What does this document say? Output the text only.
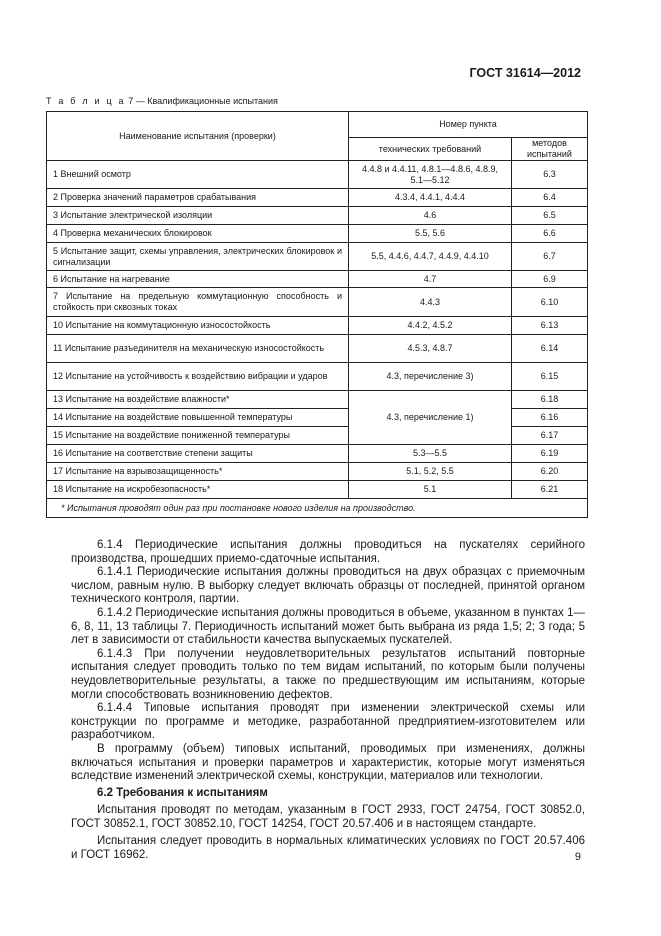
ГОСТ 31614—2012
Т а б л и ц а 7 — Квалификационные испытания
Наименование испытания (проверки)	Номер пункта	
	технических требований	методов испытаний
1 Внешний осмотр	4.4.8 и 4.4.11, 4.8.1—4.8.6, 4.8.9, 5.1—5.12	6.3
2 Проверка значений параметров срабатывания	4.3.4, 4.4.1, 4.4.4	6.4
3 Испытание электрической изоляции	4.6	6.5
4 Проверка механических блокировок	5.5, 5.6	6.6
5 Испытание защит, схемы управления, электрических блокировок и сигнализации	5.5, 4.4.6, 4.4.7, 4.4.9, 4.4.10	6.7
6 Испытание на нагревание	4.7	6.9
7 Испытание на предельную коммутационную способность и стойкость при сквозных токах	4.4.3	6.10
10 Испытание на коммутационную износостойкость	4.4.2, 4.5.2	6.13
11 Испытание разъединителя на механическую износостойкость	4.5.3, 4.8.7	6.14
12 Испытание на устойчивость к воздействию вибрации и ударов	4.3, перечисление 3)	6.15
13 Испытание на воздействие влажности*	4.3, перечисление 1)	6.18
14 Испытание на воздействие повышенной температуры		6.16
15 Испытание на воздействие пониженной температуры		6.17
16 Испытание на соответствие степени защиты	5.3—5.5	6.19
17 Испытание на взрывозащищенность*	5.1, 5.2, 5.5	6.20
18 Испытание на искробезопасность*	5.1	6.21
* Испытания проводят один раз при постановке нового изделия на производство.		

6.1.4 Периодические испытания должны проводиться на пускателях серийного производства, прошедших приемо-сдаточные испытания.

6.1.4.1 Периодические испытания должны проводиться на двух образцах с приемочным числом, равным нулю. В выборку следует включать образцы от последней, принятой органом технического контроля, партии.

6.1.4.2 Периодические испытания должны проводиться в объеме, указанном в пунктах 1—6, 8, 11, 13 таблицы 7. Периодичность испытаний может быть выбрана из ряда 1,5; 2; 3 года; 5 лет в зависимости от стабильности качества выпускаемых пускателей.

6.1.4.3 При получении неудовлетворительных результатов испытаний повторные испытания следует проводить только по тем видам испытаний, по которым были получены неудовлетворительные результаты, а также по предшествующим им испытаниям, которые могли способствовать возникновению дефектов.

6.1.4.4 Типовые испытания проводят при изменении электрической схемы или конструкции по программе и методике, разработанной предприятием-изготовителем или разработчиком.

В программу (объем) типовых испытаний, проводимых при изменениях, должны включаться испытания и проверки параметров и характеристик, которые могут изменяться вследствие изменений электрической схемы, конструкции, материалов или технологии.

6.2 Требования к испытаниям

Испытания проводят по методам, указанным в ГОСТ 2933, ГОСТ 24754, ГОСТ 30852.0, ГОСТ 30852.1, ГОСТ 30852.10, ГОСТ 14254, ГОСТ 20.57.406 и в настоящем стандарте.

Испытания следует проводить в нормальных климатических условиях по ГОСТ 20.57.406 и ГОСТ 16962.	9
